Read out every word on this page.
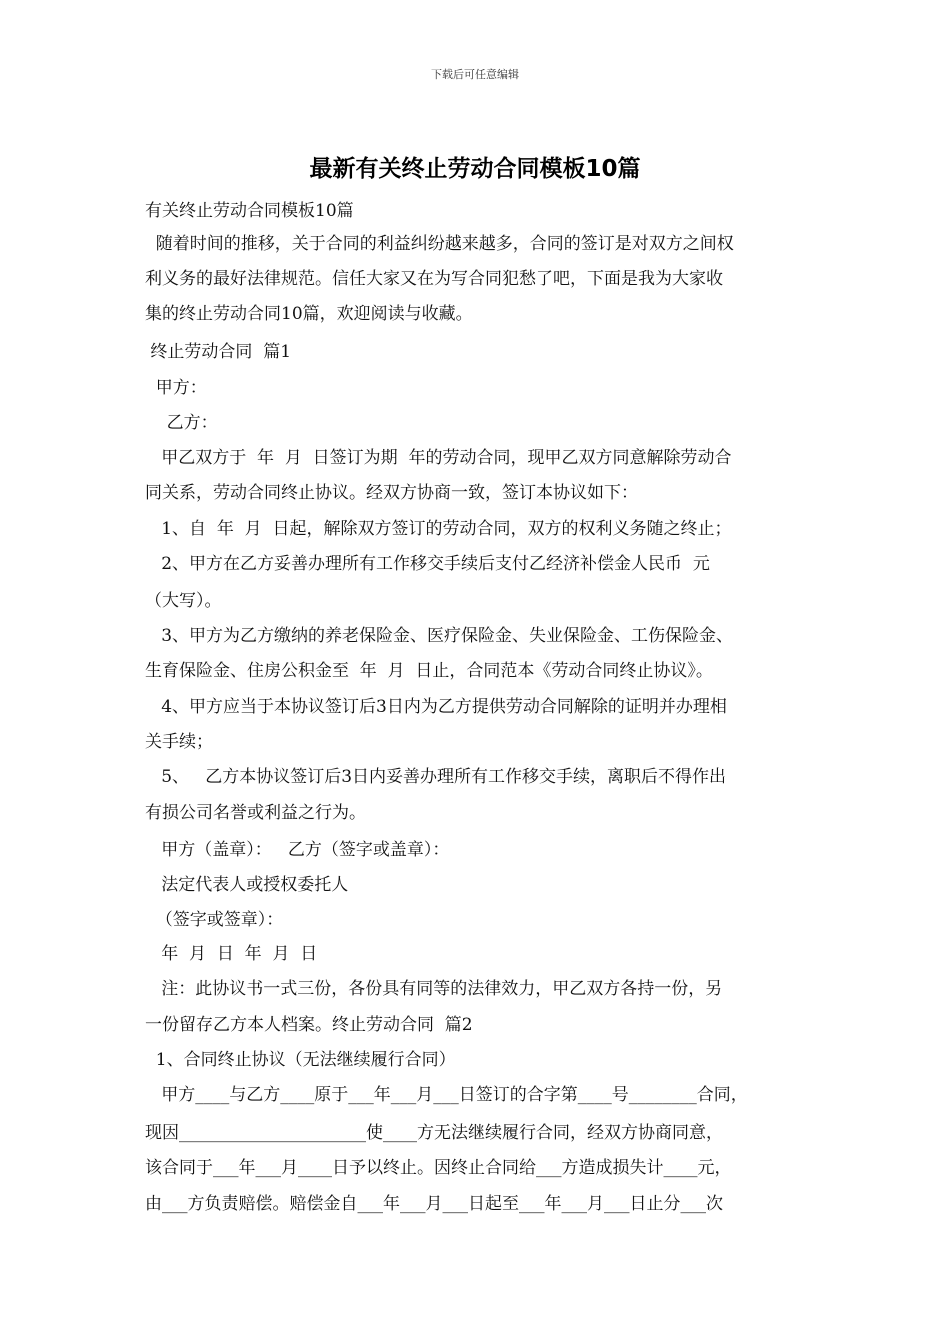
下载后可任意编辑
最新有关终止劳动合同模板10篇
有关终止劳动合同模板10篇
随着时间的推移，关于合同的利益纠纷越来越多，合同的签订是对双方之间权
利义务的最好法律规范。信任大家又在为写合同犯愁了吧，下面是我为大家收
集的终止劳动合同10篇，欢迎阅读与收藏。
终止劳动合同  篇1
甲方：
乙方：
甲乙双方于  年  月  日签订为期  年的劳动合同，现甲乙双方同意解除劳动合
同关系，劳动合同终止协议。经双方协商一致，签订本协议如下：
1、自  年  月  日起，解除双方签订的劳动合同，双方的权利义务随之终止；
2、甲方在乙方妥善办理所有工作移交手续后支付乙经济补偿金人民币  元
（大写）。
3、甲方为乙方缴纳的养老保险金、医疗保险金、失业保险金、工伤保险金、
生育保险金、住房公积金至  年  月  日止，合同范本《劳动合同终止协议》。
4、甲方应当于本协议签订后3日内为乙方提供劳动合同解除的证明并办理相
关手续；
5、   乙方本协议签订后3日内妥善办理所有工作移交手续，离职后不得作出
有损公司名誉或利益之行为。
甲方（盖章）：   乙方（签字或盖章）：
法定代表人或授权委托人
（签字或签章）：
年  月  日  年  月  日
注：此协议书一式三份，各份具有同等的法律效力，甲乙双方各持一份，另
一份留存乙方本人档案。终止劳动合同  篇2
1、合同终止协议（无法继续履行合同）
甲方____与乙方____原于___年___月___日签订的合字第____号________合同，
现因______________________使____方无法继续履行合同，经双方协商同意，
该合同于___年___月____日予以终止。因终止合同给___方造成损失计____元，
由___方负责赔偿。赔偿金自___年___月___日起至___年___月___日止分___次
